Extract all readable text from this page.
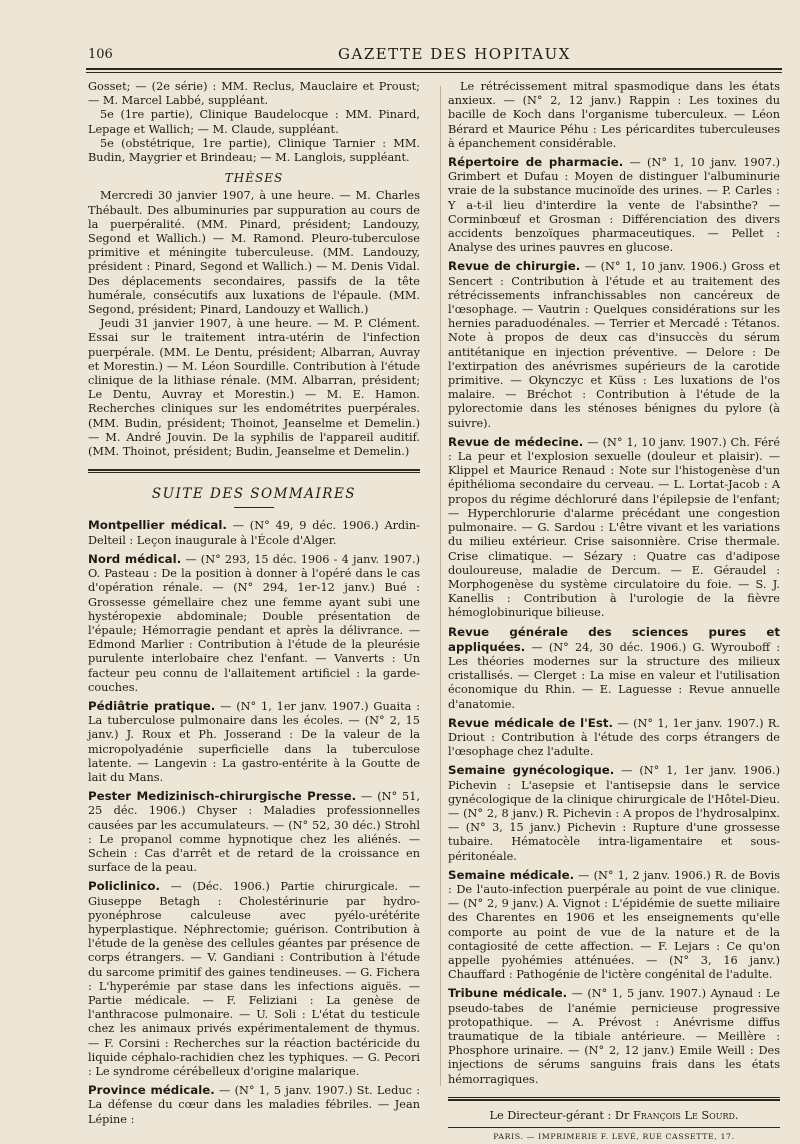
106	GAZETTE DES HOPITAUX

Gosset; — (2e série) : MM. Reclus, Mauclaire et Proust; — M. Marcel Labbé, suppléant.

5e (1re partie), Clinique Baudelocque : MM. Pinard, Lepage et Wallich; — M. Claude, suppléant.

5e (obstétrique, 1re partie), Clinique Tarnier : MM. Budin, Maygrier et Brindeau; — M. Langlois, suppléant.

THÈSES

Mercredi 30 janvier 1907, à une heure. — M. Charles Thébault. Des albuminuries par suppuration au cours de la puerpéralité. (MM. Pinard, président; Landouzy, Segond et Wallich.) — M. Ramond. Pleuro-tuberculose primitive et méningite tuberculeuse. (MM. Landouzy, président : Pinard, Segond et Wallich.) — M. Denis Vidal. Des déplacements secondaires, passifs de la tête humérale, consécutifs aux luxations de l'épaule. (MM. Segond, président; Pinard, Landouzy et Wallich.)

Jeudi 31 janvier 1907, à une heure. — M. P. Clément. Essai sur le traitement intra-utérin de l'infection puerpérale. (MM. Le Dentu, président; Albarran, Auvray et Morestin.) — M. Léon Sourdille. Contribution à l'étude clinique de la lithiase rénale. (MM. Albarran, président; Le Dentu, Auvray et Morestin.) — M. E. Hamon. Recherches cliniques sur les endométrites puerpérales. (MM. Budin, président; Thoinot, Jeanselme et Demelin.) — M. André Jouvin. De la syphilis de l'appareil auditif. (MM. Thoinot, président; Budin, Jeanselme et Demelin.)

SUITE DES SOMMAIRES

Montpellier médical. — (N° 49, 9 déc. 1906.) Ardin-Delteil : Leçon inaugurale à l'École d'Alger.

Nord médical. — (N° 293, 15 déc. 1906 - 4 janv. 1907.) O. Pasteau : De la position à donner à l'opéré dans le cas d'opération rénale. — (N° 294, 1er-12 janv.) Bué : Grossesse gémellaire chez une femme ayant subi une hystéropexie abdominale; Double présentation de l'épaule; Hémorragie pendant et après la délivrance. — Edmond Marlier : Contribution à l'étude de la pleurésie purulente interlobaire chez l'enfant. — Vanverts : Un facteur peu connu de l'allaitement artificiel : la garde-couches.

Pédiâtrie pratique. — (N° 1, 1er janv. 1907.) Guaita : La tuberculose pulmonaire dans les écoles. — (N° 2, 15 janv.) J. Roux et Ph. Josserand : De la valeur de la micropolyadénie superficielle dans la tuberculose latente. — Langevin : La gastro-entérite à la Goutte de lait du Mans.

Pester Medizinisch-chirurgische Presse. — (N° 51, 25 déc. 1906.) Chyser : Maladies professionnelles causées par les accumulateurs. — (N° 52, 30 déc.) Strohl : Le propanol comme hypnotique chez les aliénés. — Schein : Cas d'arrêt et de retard de la croissance en surface de la peau.

Policlinico. — (Déc. 1906.) Partie chirurgicale. — Giuseppe Betagh : Cholestérinurie par hydro-pyonéphrose calculeuse avec pyélo-urétérite hyperplastique. Néphrectomie; guérison. Contribution à l'étude de la genèse des cellules géantes par présence de corps étrangers. — V. Gandiani : Contribution à l'étude du sarcome primitif des gaines tendineuses. — G. Fichera : L'hyperémie par stase dans les infections aiguës. — Partie médicale. — F. Feliziani : La genèse de l'anthracose pulmonaire. — U. Soli : L'état du testicule chez les animaux privés expérimentalement de thymus. — F. Corsini : Recherches sur la réaction bactéricide du liquide céphalo-rachidien chez les typhiques. — G. Pecori : Le syndrome cérébelleux d'origine malarique.

Province médicale. — (N° 1, 5 janv. 1907.) St. Leduc : La défense du cœur dans les maladies fébriles. — Jean Lépine :

Le rétrécissement mitral spasmodique dans les états anxieux. — (N° 2, 12 janv.) Rappin : Les toxines du bacille de Koch dans l'organisme tuberculeux. — Léon Bérard et Maurice Péhu : Les péricardites tuberculeuses à épanchement considérable.

Répertoire de pharmacie. — (N° 1, 10 janv. 1907.) Grimbert et Dufau : Moyen de distinguer l'albuminurie vraie de la substance mucinoïde des urines. — P. Carles : Y a-t-il lieu d'interdire la vente de l'absinthe? — Corminbœuf et Grosman : Différenciation des divers accidents benzoïques pharmaceutiques. — Pellet : Analyse des urines pauvres en glucose.

Revue de chirurgie. — (N° 1, 10 janv. 1906.) Gross et Sencert : Contribution à l'étude et au traitement des rétrécissements infranchissables non cancéreux de l'œsophage. — Vautrin : Quelques considérations sur les hernies paraduodénales. — Terrier et Mercadé : Tétanos. Note à propos de deux cas d'insuccès du sérum antitétanique en injection préventive. — Delore : De l'extirpation des anévrismes supérieurs de la carotide primitive. — Okynczyc et Küss : Les luxations de l'os malaire. — Bréchot : Contribution à l'étude de la pylorectomie dans les sténoses bénignes du pylore (à suivre).

Revue de médecine. — (N° 1, 10 janv. 1907.) Ch. Féré : La peur et l'explosion sexuelle (douleur et plaisir). — Klippel et Maurice Renaud : Note sur l'histogenèse d'un épithélioma secondaire du cerveau. — L. Lortat-Jacob : A propos du régime déchloruré dans l'épilepsie de l'enfant; — Hyperchlorurie d'alarme précédant une congestion pulmonaire. — G. Sardou : L'être vivant et les variations du milieu extérieur. Crise saisonnière. Crise thermale. Crise climatique. — Sézary : Quatre cas d'adipose douloureuse, maladie de Dercum. — E. Géraudel : Morphogenèse du système circulatoire du foie. — S. J. Kanellis : Contribution à l'urologie de la fièvre hémoglobinurique bilieuse.

Revue générale des sciences pures et appliquées. — (N° 24, 30 déc. 1906.) G. Wyrouboff : Les théories modernes sur la structure des milieux cristallisés. — Clerget : La mise en valeur et l'utilisation économique du Rhin. — E. Laguesse : Revue annuelle d'anatomie.

Revue médicale de l'Est. — (N° 1, 1er janv. 1907.) R. Driout : Contribution à l'étude des corps étrangers de l'œsophage chez l'adulte.

Semaine gynécologique. — (N° 1, 1er janv. 1906.) Pichevin : L'asepsie et l'antisepsie dans le service gynécologique de la clinique chirurgicale de l'Hôtel-Dieu. — (N° 2, 8 janv.) R. Pichevin : A propos de l'hydrosalpinx. — (N° 3, 15 janv.) Pichevin : Rupture d'une grossesse tubaire. Hématocèle intra-ligamentaire et sous-péritonéale.

Semaine médicale. — (N° 1, 2 janv. 1906.) R. de Bovis : De l'auto-infection puerpérale au point de vue clinique. — (N° 2, 9 janv.) A. Vignot : L'épidémie de suette miliaire des Charentes en 1906 et les enseignements qu'elle comporte au point de vue de la nature et de la contagiosité de cette affection. — F. Lejars : Ce qu'on appelle pyohémies atténuées. — (N° 3, 16 janv.) Chauffard : Pathogénie de l'ictère congénital de l'adulte.

Tribune médicale. — (N° 1, 5 janv. 1907.) Aynaud : Le pseudo-tabes de l'anémie pernicieuse progressive protopathique. — A. Prévost : Anévrisme diffus traumatique de la tibiale antérieure. — Meillère : Phosphore urinaire. — (N° 2, 12 janv.) Emile Weill : Des injections de sérums sanguins frais dans les états hémorragiques.

Le Directeur-gérant : Dr François Le Sourd.

PARIS. — IMPRIMERIE F. LEVÉ, RUE CASSETTE, 17.
